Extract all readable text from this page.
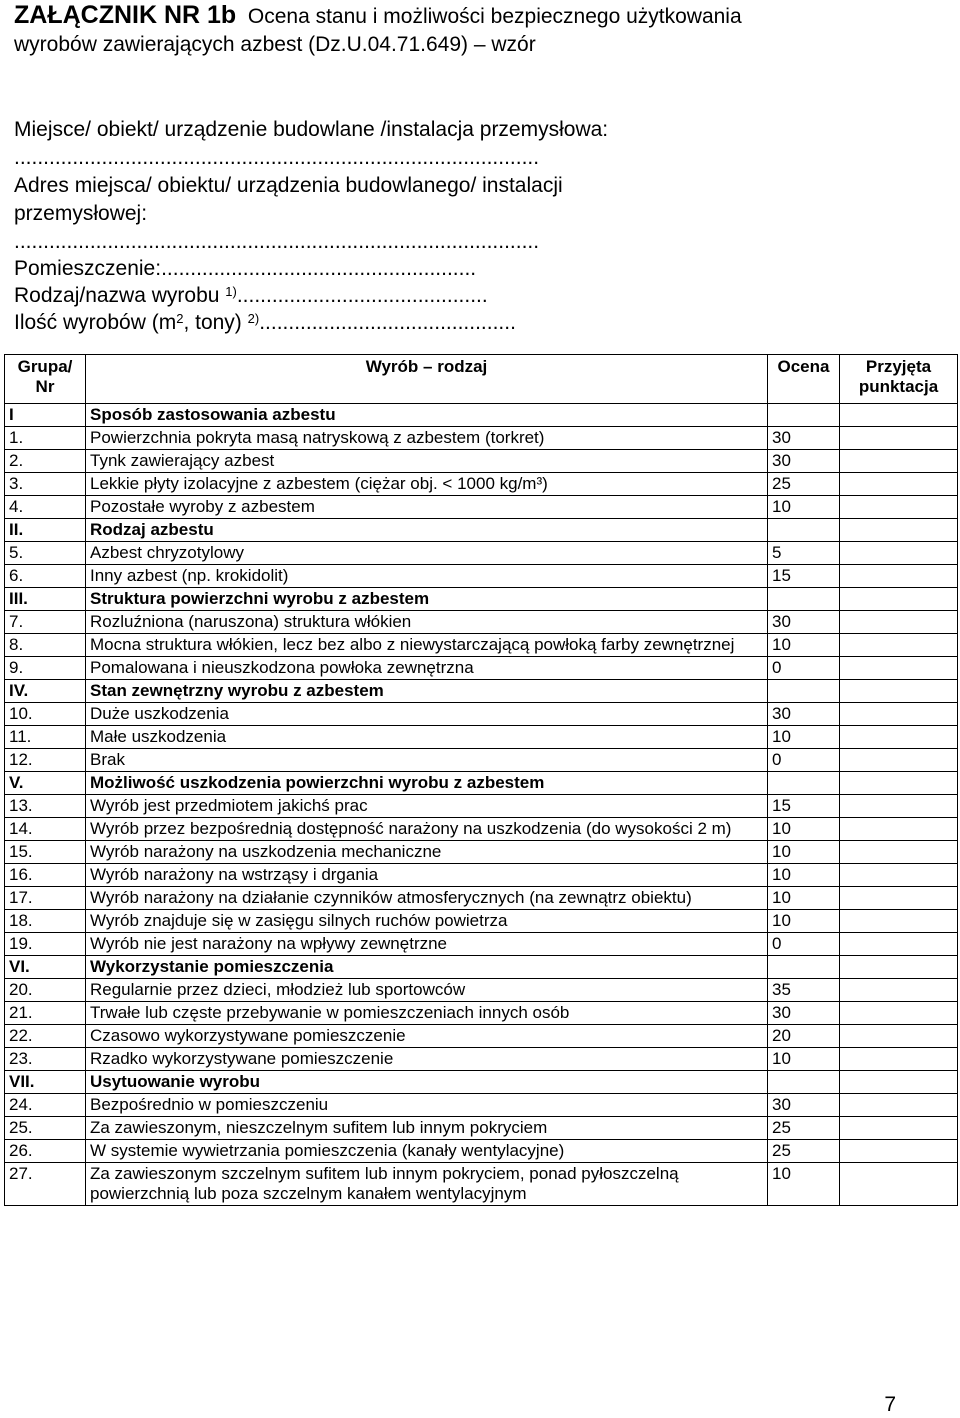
ZAŁĄCZNIK NR 1b Ocena stanu i możliwości bezpiecznego użytkowania
wyrobów zawierających azbest (Dz.U.04.71.649) – wzór
Miejsce/ obiekt/ urządzenie budowlane /instalacja przemysłowa:
..........................................................................................
Adres miejsca/ obiektu/ urządzenia budowlanego/ instalacji
przemysłowej:
..........................................................................................
Pomieszczenie:......................................................
Rodzaj/nazwa wyrobu $^{1)}$...........................................
Ilość wyrobów ($m^2$, tony) $^{2)}$............................................
Grupa/
Nr	Wyrób – rodzaj	Ocena	Przyjęta
punktacja
I	Sposób zastosowania azbestu		
1.	Powierzchnia pokryta masą natryskową z azbestem (torkret)	30	
2.	Tynk zawierający azbest	30	
3.	Lekkie płyty izolacyjne z azbestem (ciężar obj. < 1000 kg/m³)	25	
4.	Pozostałe wyroby z azbestem	10	
II.	Rodzaj azbestu		
5.	Azbest chryzotylowy	5	
6.	Inny azbest (np. krokidolit)	15	
III.	Struktura powierzchni wyrobu z azbestem		
7.	Rozluźniona (naruszona) struktura włókien	30	
8.	Mocna struktura włókien, lecz bez albo z niewystarczającą powłoką farby zewnętrznej	10	
9.	Pomalowana i nieuszkodzona powłoka zewnętrzna	0	
IV.	Stan zewnętrzny wyrobu z azbestem		
10.	Duże uszkodzenia	30	
11.	Małe uszkodzenia	10	
12.	Brak	0	
V.	Możliwość uszkodzenia powierzchni wyrobu z azbestem		
13.	Wyrób jest przedmiotem jakichś prac	15	
14.	Wyrób przez bezpośrednią dostępność narażony na uszkodzenia (do wysokości 2 m)	10	
15.	Wyrób narażony na uszkodzenia mechaniczne	10	
16.	Wyrób narażony na wstrząsy i drgania	10	
17.	Wyrób narażony na działanie czynników atmosferycznych (na zewnątrz obiektu)	10	
18.	Wyrób znajduje się w zasięgu silnych ruchów powietrza	10	
19.	Wyrób nie jest narażony na wpływy zewnętrzne	0	
VI.	Wykorzystanie pomieszczenia		
20.	Regularnie przez dzieci, młodzież lub sportowców	35	
21.	Trwałe lub częste przebywanie w pomieszczeniach innych osób	30	
22.	Czasowo wykorzystywane pomieszczenie	20	
23.	Rzadko wykorzystywane pomieszczenie	10	
VII.	Usytuowanie wyrobu		
24.	Bezpośrednio w pomieszczeniu	30	
25.	Za zawieszonym, nieszczelnym sufitem lub innym pokryciem	25	
26.	W systemie wywietrzania pomieszczenia (kanały wentylacyjne)	25	
27.	Za zawieszonym szczelnym sufitem lub innym pokryciem, ponad pyłoszczelną powierzchnią lub poza szczelnym kanałem wentylacyjnym	10	
7
